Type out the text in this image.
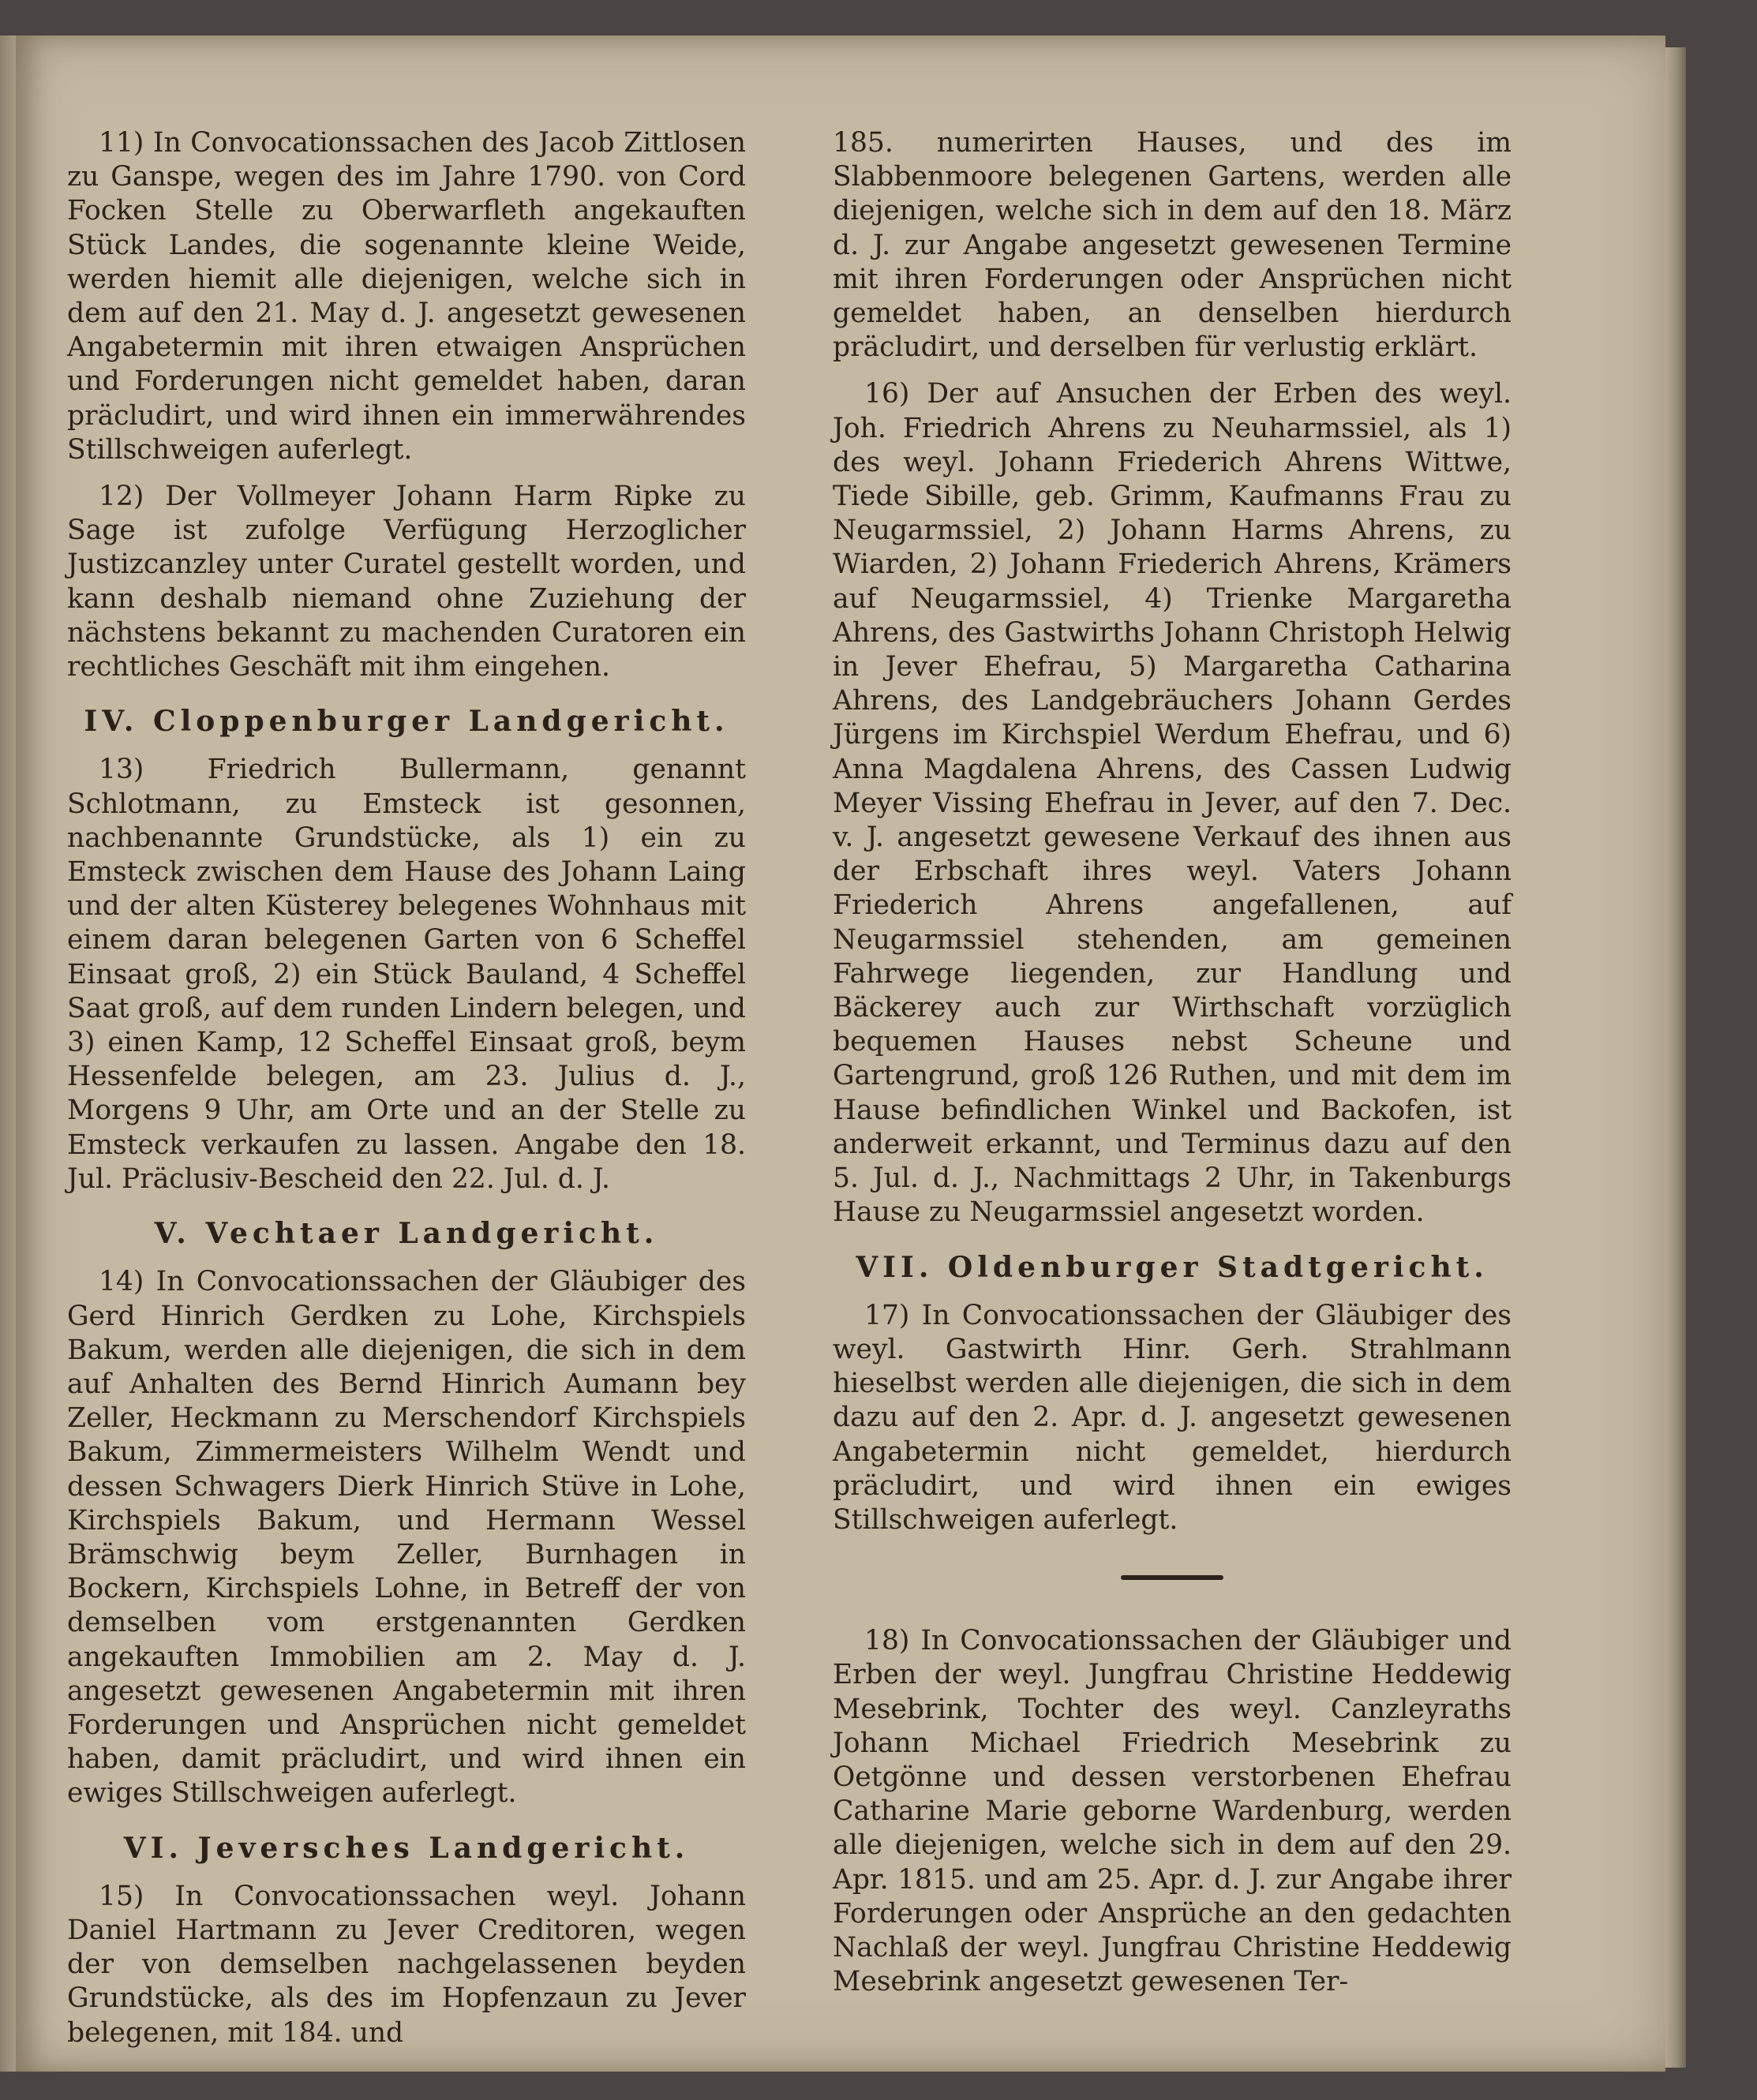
11) In Convocationssachen des Jacob Zittlosen zu Ganspe, wegen des im Jahre 1790. von Cord Focken Stelle zu Oberwarfleth angekauften Stück Landes, die sogenannte kleine Weide, werden hiemit alle diejenigen, welche sich in dem auf den 21. May d. J. angesetzt gewesenen Angabetermin mit ihren etwaigen Ansprüchen und Forderungen nicht gemeldet haben, daran präcludirt, und wird ihnen ein immerwährendes Stillschweigen auferlegt.

12) Der Vollmeyer Johann Harm Ripke zu Sage ist zufolge Verfügung Herzoglicher Justizcanzley unter Curatel gestellt worden, und kann deshalb niemand ohne Zuziehung der nächstens bekannt zu machenden Curatoren ein rechtliches Geschäft mit ihm eingehen.

IV. Cloppenburger Landgericht.

13) Friedrich Bullermann, genannt Schlotmann, zu Emsteck ist gesonnen, nachbenannte Grundstücke, als 1) ein zu Emsteck zwischen dem Hause des Johann Laing und der alten Küsterey belegenes Wohnhaus mit einem daran belegenen Garten von 6 Scheffel Einsaat groß, 2) ein Stück Bauland, 4 Scheffel Saat groß, auf dem runden Lindern belegen, und 3) einen Kamp, 12 Scheffel Einsaat groß, beym Hessenfelde belegen, am 23. Julius d. J., Morgens 9 Uhr, am Orte und an der Stelle zu Emsteck verkaufen zu lassen. Angabe den 18. Jul. Präclusiv-Bescheid den 22. Jul. d. J.

V. Vechtaer Landgericht.

14) In Convocationssachen der Gläubiger des Gerd Hinrich Gerdken zu Lohe, Kirchspiels Bakum, werden alle diejenigen, die sich in dem auf Anhalten des Bernd Hinrich Aumann bey Zeller, Heckmann zu Merschendorf Kirchspiels Bakum, Zimmermeisters Wilhelm Wendt und dessen Schwagers Dierk Hinrich Stüve in Lohe, Kirchspiels Bakum, und Hermann Wessel Brämschwig beym Zeller, Burnhagen in Bockern, Kirchspiels Lohne, in Betreff der von demselben vom erstgenannten Gerdken angekauften Immobilien am 2. May d. J. angesetzt gewesenen Angabetermin mit ihren Forderungen und Ansprüchen nicht gemeldet haben, damit präcludirt, und wird ihnen ein ewiges Stillschweigen auferlegt.

VI. Jeversches Landgericht.

15) In Convocationssachen weyl. Johann Daniel Hartmann zu Jever Creditoren, wegen der von demselben nachgelassenen beyden Grundstücke, als des im Hopfenzaun zu Jever belegenen, mit 184. und

185. numerirten Hauses, und des im Slabbenmoore belegenen Gartens, werden alle diejenigen, welche sich in dem auf den 18. März d. J. zur Angabe angesetzt gewesenen Termine mit ihren Forderungen oder Ansprüchen nicht gemeldet haben, an denselben hierdurch präcludirt, und derselben für verlustig erklärt.

16) Der auf Ansuchen der Erben des weyl. Joh. Friedrich Ahrens zu Neuharmssiel, als 1) des weyl. Johann Friederich Ahrens Wittwe, Tiede Sibille, geb. Grimm, Kaufmanns Frau zu Neugarmssiel, 2) Johann Harms Ahrens, zu Wiarden, 2) Johann Friederich Ahrens, Krämers auf Neugarmssiel, 4) Trienke Margaretha Ahrens, des Gastwirths Johann Christoph Helwig in Jever Ehefrau, 5) Margaretha Catharina Ahrens, des Landgebräuchers Johann Gerdes Jürgens im Kirchspiel Werdum Ehefrau, und 6) Anna Magdalena Ahrens, des Cassen Ludwig Meyer Vissing Ehefrau in Jever, auf den 7. Dec. v. J. angesetzt gewesene Verkauf des ihnen aus der Erbschaft ihres weyl. Vaters Johann Friederich Ahrens angefallenen, auf Neugarmssiel stehenden, am gemeinen Fahrwege liegenden, zur Handlung und Bäckerey auch zur Wirthschaft vorzüglich bequemen Hauses nebst Scheune und Gartengrund, groß 126 Ruthen, und mit dem im Hause befindlichen Winkel und Backofen, ist anderweit erkannt, und Terminus dazu auf den 5. Jul. d. J., Nachmittags 2 Uhr, in Takenburgs Hause zu Neugarmssiel angesetzt worden.

VII. Oldenburger Stadtgericht.

17) In Convocationssachen der Gläubiger des weyl. Gastwirth Hinr. Gerh. Strahlmann hieselbst werden alle diejenigen, die sich in dem dazu auf den 2. Apr. d. J. angesetzt gewesenen Angabetermin nicht gemeldet, hierdurch präcludirt, und wird ihnen ein ewiges Stillschweigen auferlegt.

18) In Convocationssachen der Gläubiger und Erben der weyl. Jungfrau Christine Heddewig Mesebrink, Tochter des weyl. Canzleyraths Johann Michael Friedrich Mesebrink zu Oetgönne und dessen verstorbenen Ehefrau Catharine Marie geborne Wardenburg, werden alle diejenigen, welche sich in dem auf den 29. Apr. 1815. und am 25. Apr. d. J. zur Angabe ihrer Forderungen oder Ansprüche an den gedachten Nachlaß der weyl. Jungfrau Christine Heddewig Mesebrink angesetzt gewesenen Ter-
